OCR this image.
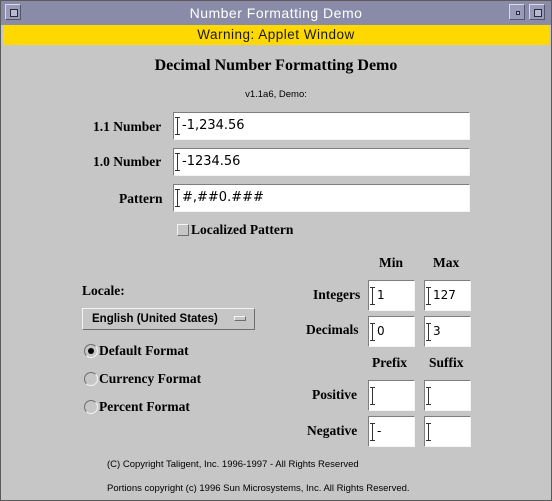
Number Formatting Demo
Warning: Applet Window
Decimal Number Formatting Demo
v1.1a6, Demo:
1.1 Number	-1,234.56
1.0 Number	-1234.56
Pattern	#,##0.###
Localized Pattern
Min Max
Locale:
English (United States)
Integers	1	127
Decimals	0	3
Default Format
Currency Format
Percent Format
Prefix Suffix
Positive
Negative	-
(C) Copyright Taligent, Inc. 1996-1997 - All Rights Reserved
Portions copyright (c) 1996 Sun Microsystems, Inc. All Rights Reserved.
